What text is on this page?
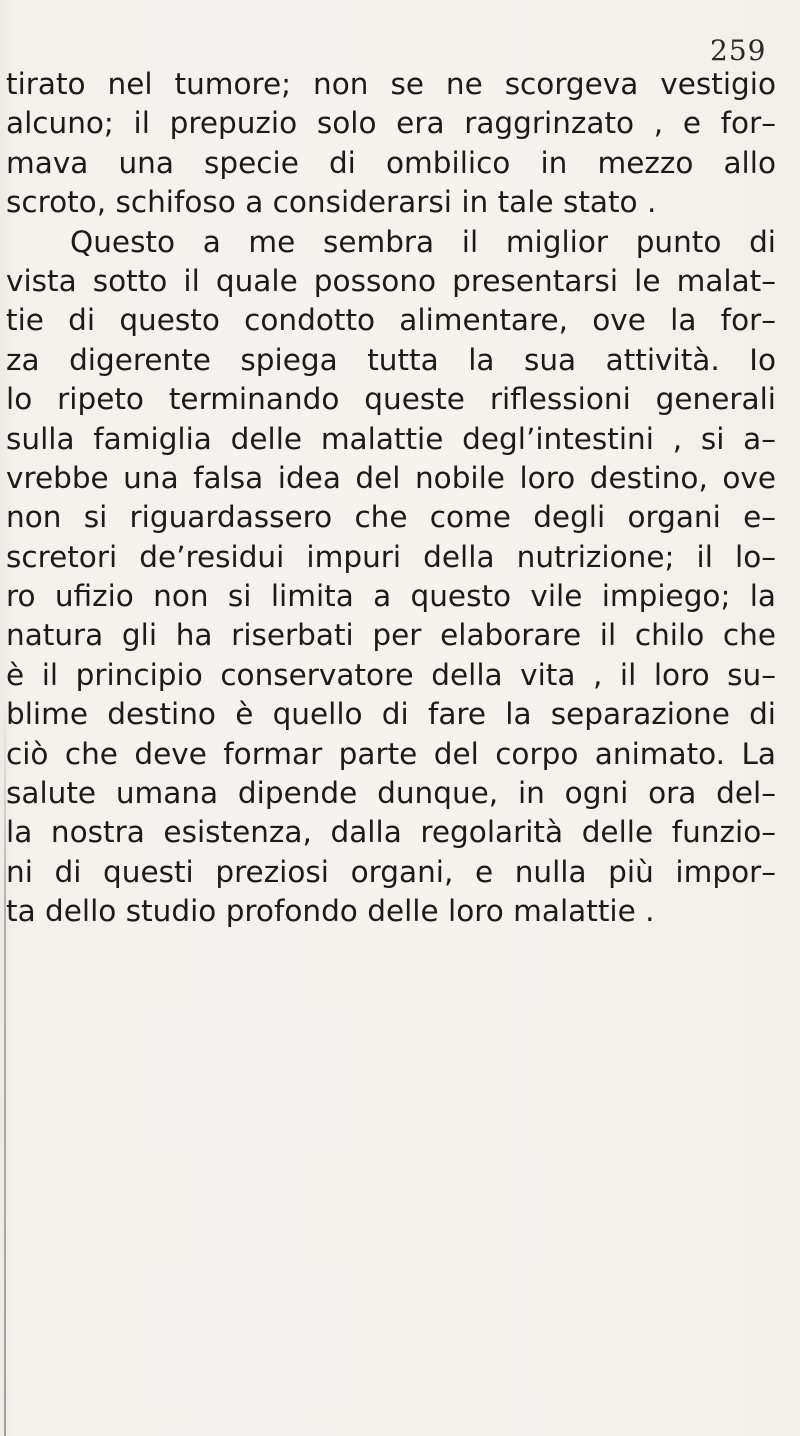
259
tirato nel tumore; non se ne scorgeva vestigio
alcuno; il prepuzio solo era raggrinzato , e for–
mava una specie di ombilico in mezzo allo
scroto, schifoso a considerarsi in tale stato .
Questo a me sembra il miglior punto di
vista sotto il quale possono presentarsi le malat–
tie di questo condotto alimentare, ove la for–
za digerente spiega tutta la sua attività. Io
lo ripeto terminando queste riflessioni generali
sulla famiglia delle malattie degl’intestini , si a–
vrebbe una falsa idea del nobile loro destino, ove
non si riguardassero che come degli organi e–
scretori de’residui impuri della nutrizione; il lo–
ro ufizio non si limita a questo vile impiego; la
natura gli ha riserbati per elaborare il chilo che
è il principio conservatore della vita , il loro su–
blime destino è quello di fare la separazione di
ciò che deve formar parte del corpo animato. La
salute umana dipende dunque, in ogni ora del–
la nostra esistenza, dalla regolarità delle funzio–
ni di questi preziosi organi, e nulla più impor–
ta dello studio profondo delle loro malattie .
